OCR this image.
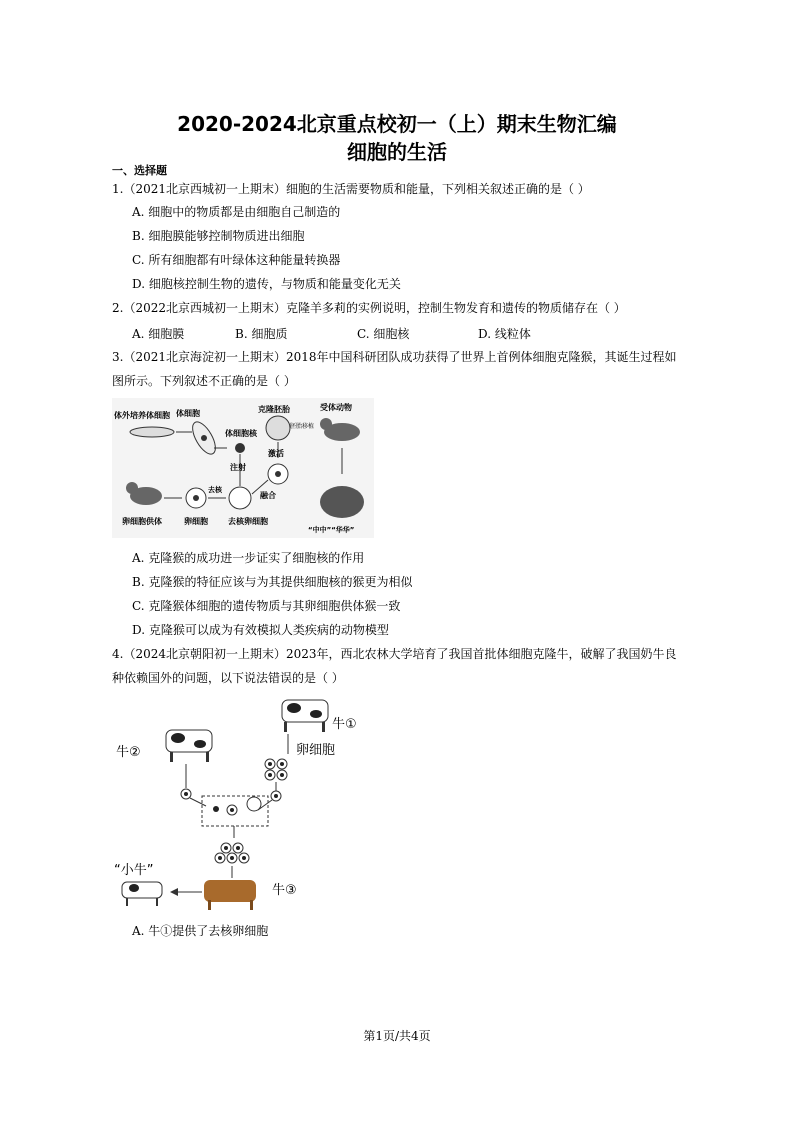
2020-2024北京重点校初一（上）期末生物汇编
细胞的生活
一、选择题
1.（2021北京西城初一上期末）细胞的生活需要物质和能量，下列相关叙述正确的是（ ）
A. 细胞中的物质都是由细胞自己制造的
B. 细胞膜能够控制物质进出细胞
C. 所有细胞都有叶绿体这种能量转换器
D. 细胞核控制生物的遗传，与物质和能量变化无关
2.（2022北京西城初一上期末）克隆羊多莉的实例说明，控制生物发育和遗传的物质储存在（ ）
A. 细胞膜	B. 细胞质	C. 细胞核	D. 线粒体
3.（2021北京海淀初一上期末）2018年中国科研团队成功获得了世界上首例体细胞克隆猴，其诞生过程如
图所示。下列叙述不正确的是（ ）
体外培养体细胞 体细胞
体细胞核
注射
克隆胚胎
胚胎移植
激活
融合
受体动物
“中中”“华华”
卵细胞供体	卵细胞
去核
去核卵细胞
A. 克隆猴的成功进一步证实了细胞核的作用
B. 克隆猴的特征应该与为其提供细胞核的猴更为相似
C. 克隆猴体细胞的遗传物质与其卵细胞供体猴一致
D. 克隆猴可以成为有效模拟人类疾病的动物模型
4.（2024北京朝阳初一上期末）2023年，西北农林大学培育了我国首批体细胞克隆牛，破解了我国奶牛良
种依赖国外的问题，以下说法错误的是（ ）
牛①
卵细胞
牛②
牛③
“小牛”
A. 牛①提供了去核卵细胞
第1页/共4页
